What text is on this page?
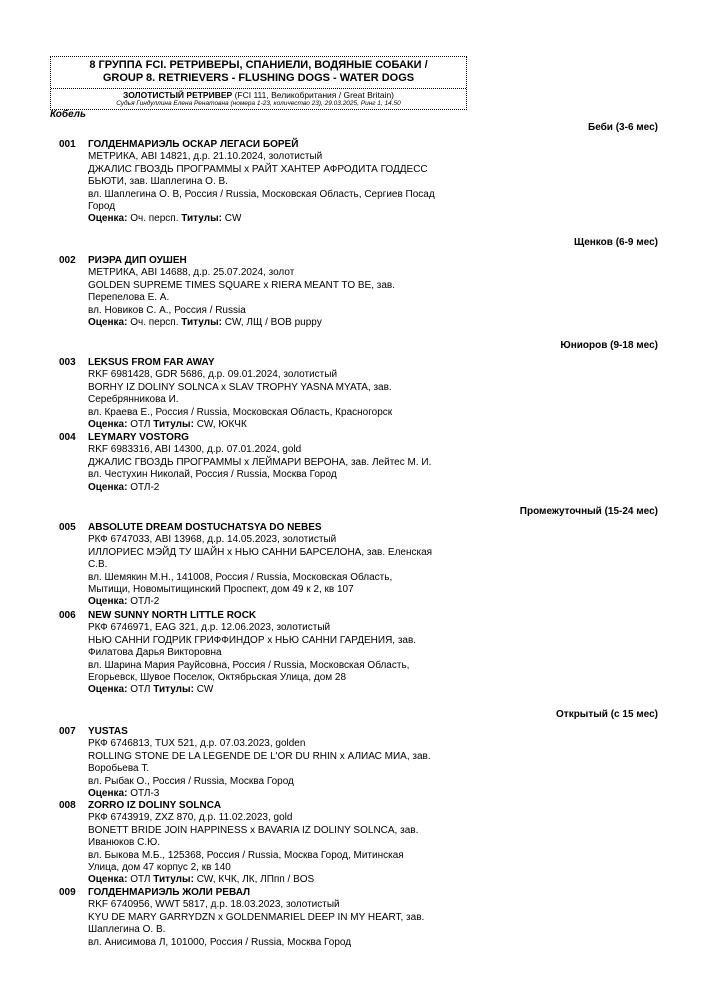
8 ГРУППА FCI. РЕТРИВЕРЫ, СПАНИЕЛИ, ВОДЯНЫЕ СОБАКИ /
GROUP 8. RETRIEVERS - FLUSHING DOGS - WATER DOGS
ЗОЛОТИСТЫЙ РЕТРИВЕР (FCI 111, Великобритания / Great Britain)
Судья Гиндуллина Елена Ренатовна (номера 1-23, количество 23), 29.03.2025, Ринг 1, 14.50
Кобель
Беби (3-6 мес)
Щенков (6-9 мес)
Юниоров (9-18 мес)
Промежуточный (15-24 мес)
Открытый (с 15 мес)
001 ГОЛДЕНМАРИЭЛЬ ОСКАР ЛЕГАСИ БОРЕЙ
МЕТРИКА, ABI 14821, д.р. 21.10.2024, золотистый
ДЖАЛИС ГВОЗДЬ ПРОГРАММЫ x РАЙТ ХАНТЕР АФРОДИТА ГОДДЕСС
БЬЮТИ, зав. Шаплегина О. В.
вл. Шаплегина О. В, Россия / Russia, Московская Область, Сергиев Посад
Город
Оценка: Оч. персп. Титулы: CW
002 РИЭРА ДИП ОУШЕН
МЕТРИКА, ABI 14688, д.р. 25.07.2024, золот
GOLDEN SUPREME TIMES SQUARE x RIERA MEANT TO BE, зав.
Перепелова Е. А.
вл. Новиков С. А., Россия / Russia
Оценка: Оч. персп. Титулы: CW, ЛЩ / BOB puppy
003 LEKSUS FROM FAR AWAY
RKF 6981428, GDR 5686, д.р. 09.01.2024, золотистый
BORHY IZ DOLINY SOLNCA x SLAV TROPHY YASNA MYATA, зав.
Серебрянникова И.
вл. Краева Е., Россия / Russia, Московская Область, Красногорск
Оценка: ОТЛ Титулы: CW, ЮКЧК
004 LEYMARY VOSTORG
RKF 6983316, ABI 14300, д.р. 07.01.2024, gold
ДЖАЛИС ГВОЗДЬ ПРОГРАММЫ x ЛЕЙМАРИ ВЕРОНА, зав. Лейтес М. И.
вл. Честухин Николай, Россия / Russia, Москва Город
Оценка: ОТЛ-2
005 ABSOLUTE DREAM DOSTUCHATSYA DO NEBES
РКФ 6747033, ABI 13968, д.р. 14.05.2023, золотистый
ИЛЛОРИЕС МЭЙД ТУ ШАЙН x НЬЮ САННИ БАРСЕЛОНА, зав. Еленская
С.В.
вл. Шемякин М.Н., 141008, Россия / Russia, Московская Область,
Мытищи, Новомытищинский Проспект, дом 49 к 2, кв 107
Оценка: ОТЛ-2
006 NEW SUNNY NORTH LITTLE ROCK
РКФ 6746971, EAG 321, д.р. 12.06.2023, золотистый
НЬЮ САННИ ГОДРИК ГРИФФИНДОР x НЬЮ САННИ ГАРДЕНИЯ, зав.
Филатова Дарья Викторовна
вл. Шарина Мария Рауйсовна, Россия / Russia, Московская Область,
Егорьевск, Шувое Поселок, Октябрьская Улица, дом 28
Оценка: ОТЛ Титулы: CW
007 YUSTAS
РКФ 6746813, TUX 521, д.р. 07.03.2023, golden
ROLLING STONE DE LA LEGENDE DE L'OR DU RHIN x АЛИАС МИА, зав.
Воробьева Т.
вл. Рыбак О., Россия / Russia, Москва Город
Оценка: ОТЛ-3
008 ZORRO IZ DOLINY SOLNCA
РКФ 6743919, ZXZ 870, д.р. 11.02.2023, gold
BONETT BRIDE JOIN HAPPINESS x BAVARIA IZ DOLINY SOLNCA, зав.
Иванюков С.Ю.
вл. Быкова М.Б., 125368, Россия / Russia, Москва Город, Митинская
Улица, дом 47 корпус 2, кв 140
Оценка: ОТЛ Титулы: CW, КЧК, ЛК, ЛПпп / BOS
009 ГОЛДЕНМАРИЭЛЬ ЖОЛИ РЕВАЛ
RKF 6740956, WWT 5817, д.р. 18.03.2023, золотистый
KYU DE MARY GARRYDZN x GOLDENMARIEL DEEP IN MY HEART, зав.
Шаплегина О. В.
вл. Анисимова Л, 101000, Россия / Russia, Москва Город
